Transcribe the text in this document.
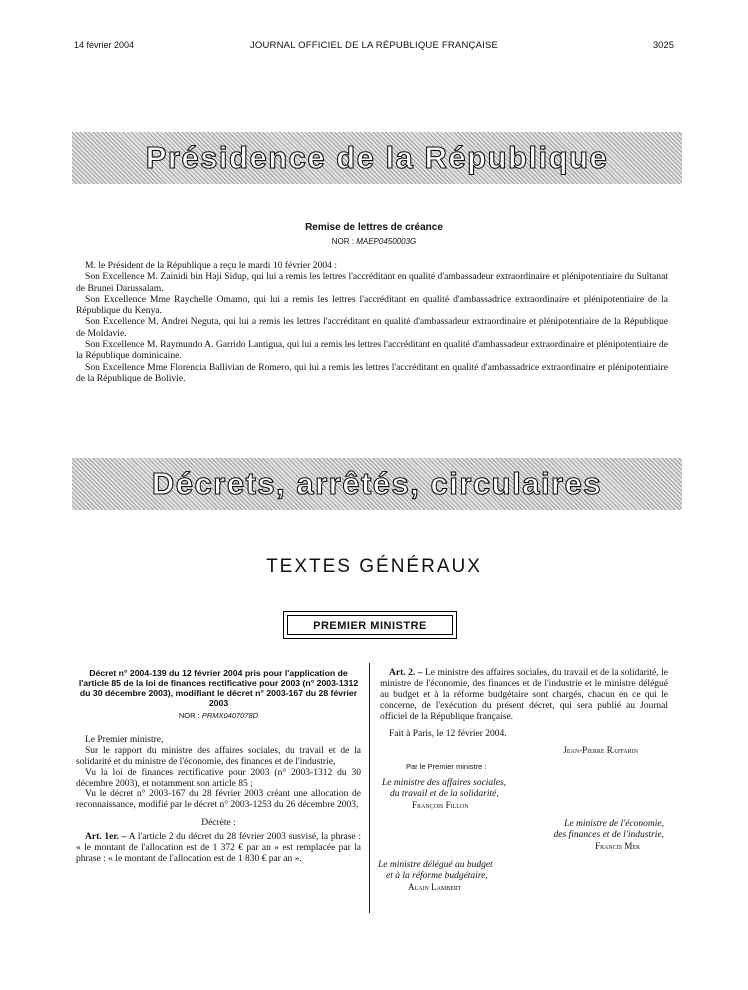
14 février 2004	JOURNAL OFFICIEL DE LA RÉPUBLIQUE FRANÇAISE	3025
Présidence de la République
Remise de lettres de créance
NOR : MAEP0450003G

M. le Président de la République a reçu le mardi 10 février 2004 :

Son Excellence M. Zainidi bin Haji Sidup, qui lui a remis les lettres l'accréditant en qualité d'ambassadeur extraordinaire et plénipotentiaire du Sultanat de Brunei Darussalam.

Son Excellence Mme Raychelle Omamo, qui lui a remis les lettres l'accréditant en qualité d'ambassadrice extraordinaire et plénipotentiaire de la République du Kenya.

Son Excellence M. Andrei Neguta, qui lui a remis les lettres l'accréditant en qualité d'ambassadeur extraordinaire et plénipotentiaire de la République de Moldavie.

Son Excellence M. Raymundo A. Garrido Lantigua, qui lui a remis les lettres l'accréditant en qualité d'ambassadeur extraordinaire et plénipotentiaire de la République dominicaine.

Son Excellence Mme Florencia Ballivian de Romero, qui lui a remis les lettres l'accréditant en qualité d'ambassadrice extraordinaire et plénipotentiaire de la République de Bolivie.

Décrets, arrêtés, circulaires
TEXTES GÉNÉRAUX
PREMIER MINISTRE

Décret n° 2004-139 du 12 février 2004 pris pour l'application de l'article 85 de la loi de finances rectificative pour 2003 (n° 2003-1312 du 30 décembre 2003), modifiant le décret n° 2003-167 du 28 février 2003

NOR : PRMX0407078D

Le Premier ministre,

Sur le rapport du ministre des affaires sociales, du travail et de la solidarité et du ministre de l'économie, des finances et de l'industrie,

Vu la loi de finances rectificative pour 2003 (n° 2003-1312 du 30 décembre 2003), et notamment son article 85 ;

Vu le décret n° 2003-167 du 28 février 2003 créant une allocation de reconnaissance, modifié par le décret n° 2003-1253 du 26 décembre 2003,

Décrète :

Art. 1er. – A l'article 2 du décret du 28 février 2003 susvisé, la phrase : « le montant de l'allocation est de 1 372 € par an » est remplacée par la phrase : « le montant de l'allocation est de 1 830 € par an ».

Art. 2. – Le ministre des affaires sociales, du travail et de la solidarité, le ministre de l'économie, des finances et de l'industrie et le ministre délégué au budget et à la réforme budgétaire sont chargés, chacun en ce qui le concerne, de l'exécution du présent décret, qui sera publié au Journal officiel de la République française.

Fait à Paris, le 12 février 2004.

Jean-Pierre Raffarin
Par le Premier ministre :
Le ministre des affaires sociales,
du travail et de la solidarité,
François Fillon
Le ministre de l'économie,
des finances et de l'industrie,
Francis Mer
Le ministre délégué au budget
et à la réforme budgétaire,
Alain Lambert
